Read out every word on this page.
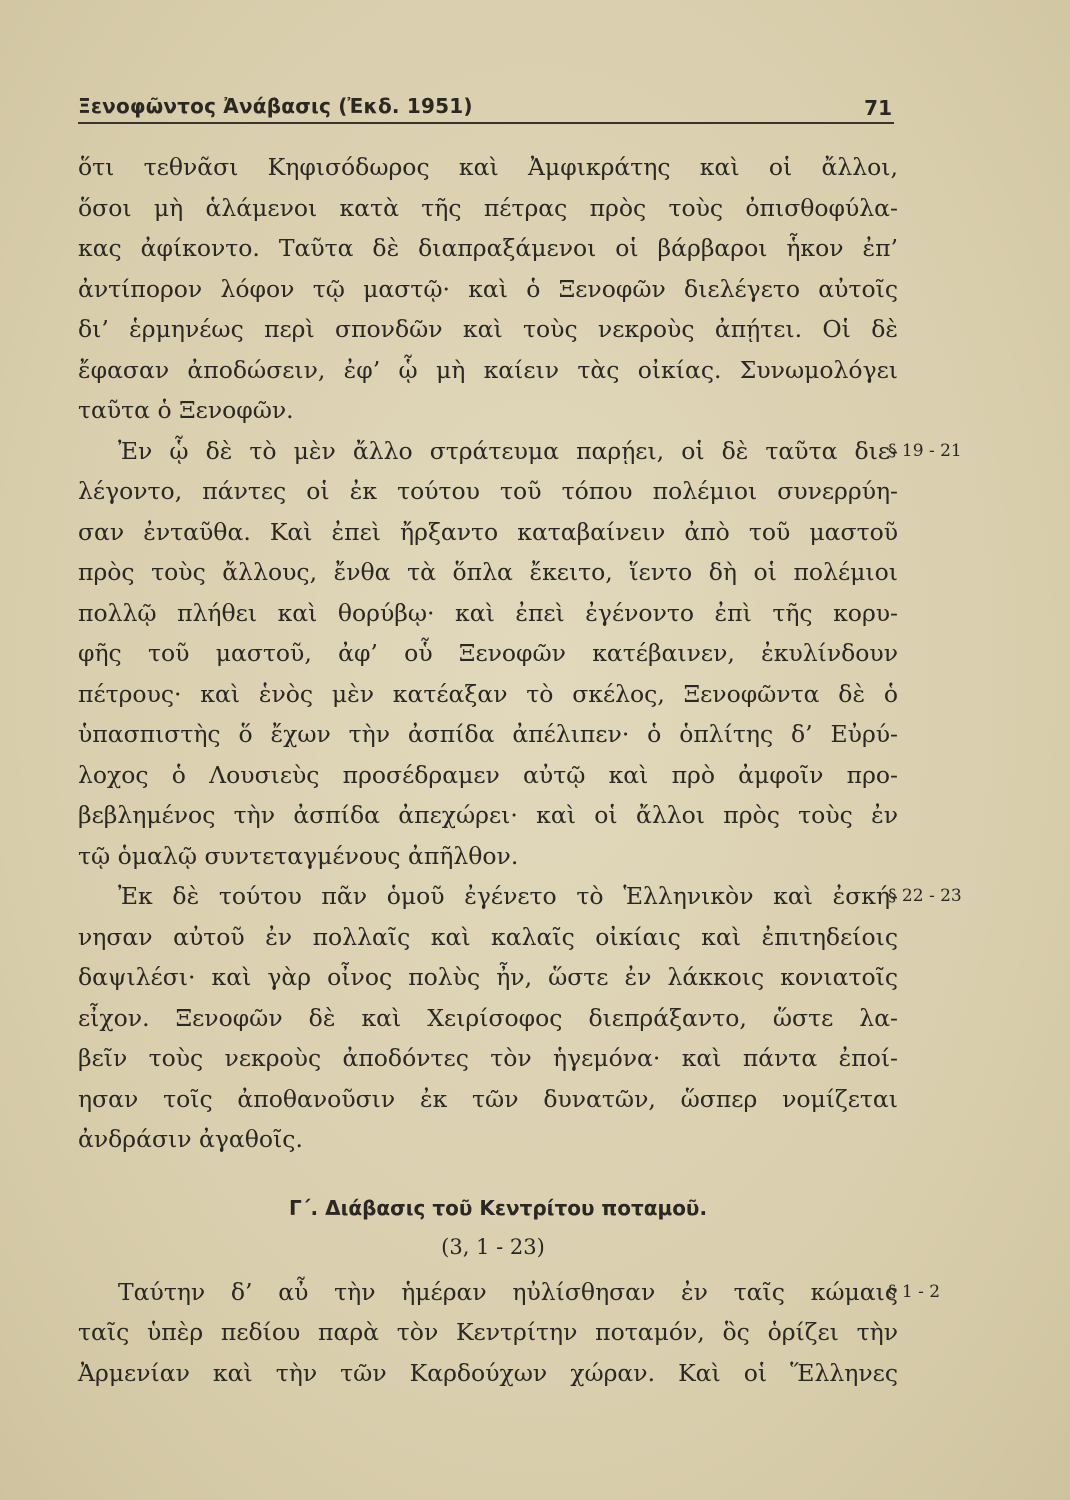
Ξενοφῶντος Ἀνάβασις (Ἐκδ. 1951)	71
ὅτι τεθνᾶσι Κηφισόδωρος καὶ Ἀμφικράτης καὶ οἱ ἄλλοι,
ὅσοι μὴ ἁλάμενοι κατὰ τῆς πέτρας πρὸς τοὺς ὀπισθοφύλα-
κας ἀφίκοντο. Ταῦτα δὲ διαπραξάμενοι οἱ βάρβαροι ἧκον ἐπ’
ἀντίπορον λόφον τῷ μαστῷ· καὶ ὁ Ξενοφῶν διελέγετο αὐτοῖς
δι’ ἑρμηνέως περὶ σπονδῶν καὶ τοὺς νεκροὺς ἀπῄτει. Οἱ δὲ
ἔφασαν ἀποδώσειν, ἐφ’ ᾧ μὴ καίειν τὰς οἰκίας. Συνωμολόγει
ταῦτα ὁ Ξενοφῶν.
§ 19 - 21
Ἐν ᾧ δὲ τὸ μὲν ἄλλο στράτευμα παρῄει, οἱ δὲ ταῦτα διε-
λέγοντο, πάντες οἱ ἐκ τούτου τοῦ τόπου πολέμιοι συνερρύη-
σαν ἐνταῦθα. Καὶ ἐπεὶ ἤρξαντο καταβαίνειν ἀπὸ τοῦ μαστοῦ
πρὸς τοὺς ἄλλους, ἔνθα τὰ ὅπλα ἔκειτο, ἵεντο δὴ οἱ πολέμιοι
πολλῷ πλήθει καὶ θορύβῳ· καὶ ἐπεὶ ἐγένοντο ἐπὶ τῆς κορυ-
φῆς τοῦ μαστοῦ, ἀφ’ οὗ Ξενοφῶν κατέβαινεν, ἐκυλίνδουν
πέτρους· καὶ ἑνὸς μὲν κατέαξαν τὸ σκέλος, Ξενοφῶντα δὲ ὁ
ὑπασπιστὴς ὅ ἔχων τὴν ἀσπίδα ἀπέλιπεν· ὁ ὁπλίτης δ’ Εὐρύ-
λοχος ὁ Λουσιεὺς προσέδραμεν αὐτῷ καὶ πρὸ ἀμφοῖν προ-
βεβλημένος τὴν ἀσπίδα ἀπεχώρει· καὶ οἱ ἄλλοι πρὸς τοὺς ἐν
τῷ ὁμαλῷ συντεταγμένους ἀπῆλθον.
§ 22 - 23
Ἐκ δὲ τούτου πᾶν ὁμοῦ ἐγένετο τὸ Ἑλληνικὸν καὶ ἐσκή-
νησαν αὐτοῦ ἐν πολλαῖς καὶ καλαῖς οἰκίαις καὶ ἐπιτηδείοις
δαψιλέσι· καὶ γὰρ οἶνος πολὺς ἦν, ὥστε ἐν λάκκοις κονιατοῖς
εἶχον. Ξενοφῶν δὲ καὶ Χειρίσοφος διεπράξαντο, ὥστε λα-
βεῖν τοὺς νεκροὺς ἀποδόντες τὸν ἡγεμόνα· καὶ πάντα ἐποί-
ησαν τοῖς ἀποθανοῦσιν ἐκ τῶν δυνατῶν, ὥσπερ νομίζεται
ἀνδράσιν ἀγαθοῖς.
Γ΄. Διάβασις τοῦ Κεντρίτου ποταμοῦ.
(3, 1 - 23)
§ 1 - 2
Ταύτην δ’ αὖ τὴν ἡμέραν ηὐλίσθησαν ἐν ταῖς κώμαις
ταῖς ὑπὲρ πεδίου παρὰ τὸν Κεντρίτην ποταμόν, ὃς ὁρίζει τὴν
Ἀρμενίαν καὶ τὴν τῶν Καρδούχων χώραν. Καὶ οἱ Ἕλληνες
